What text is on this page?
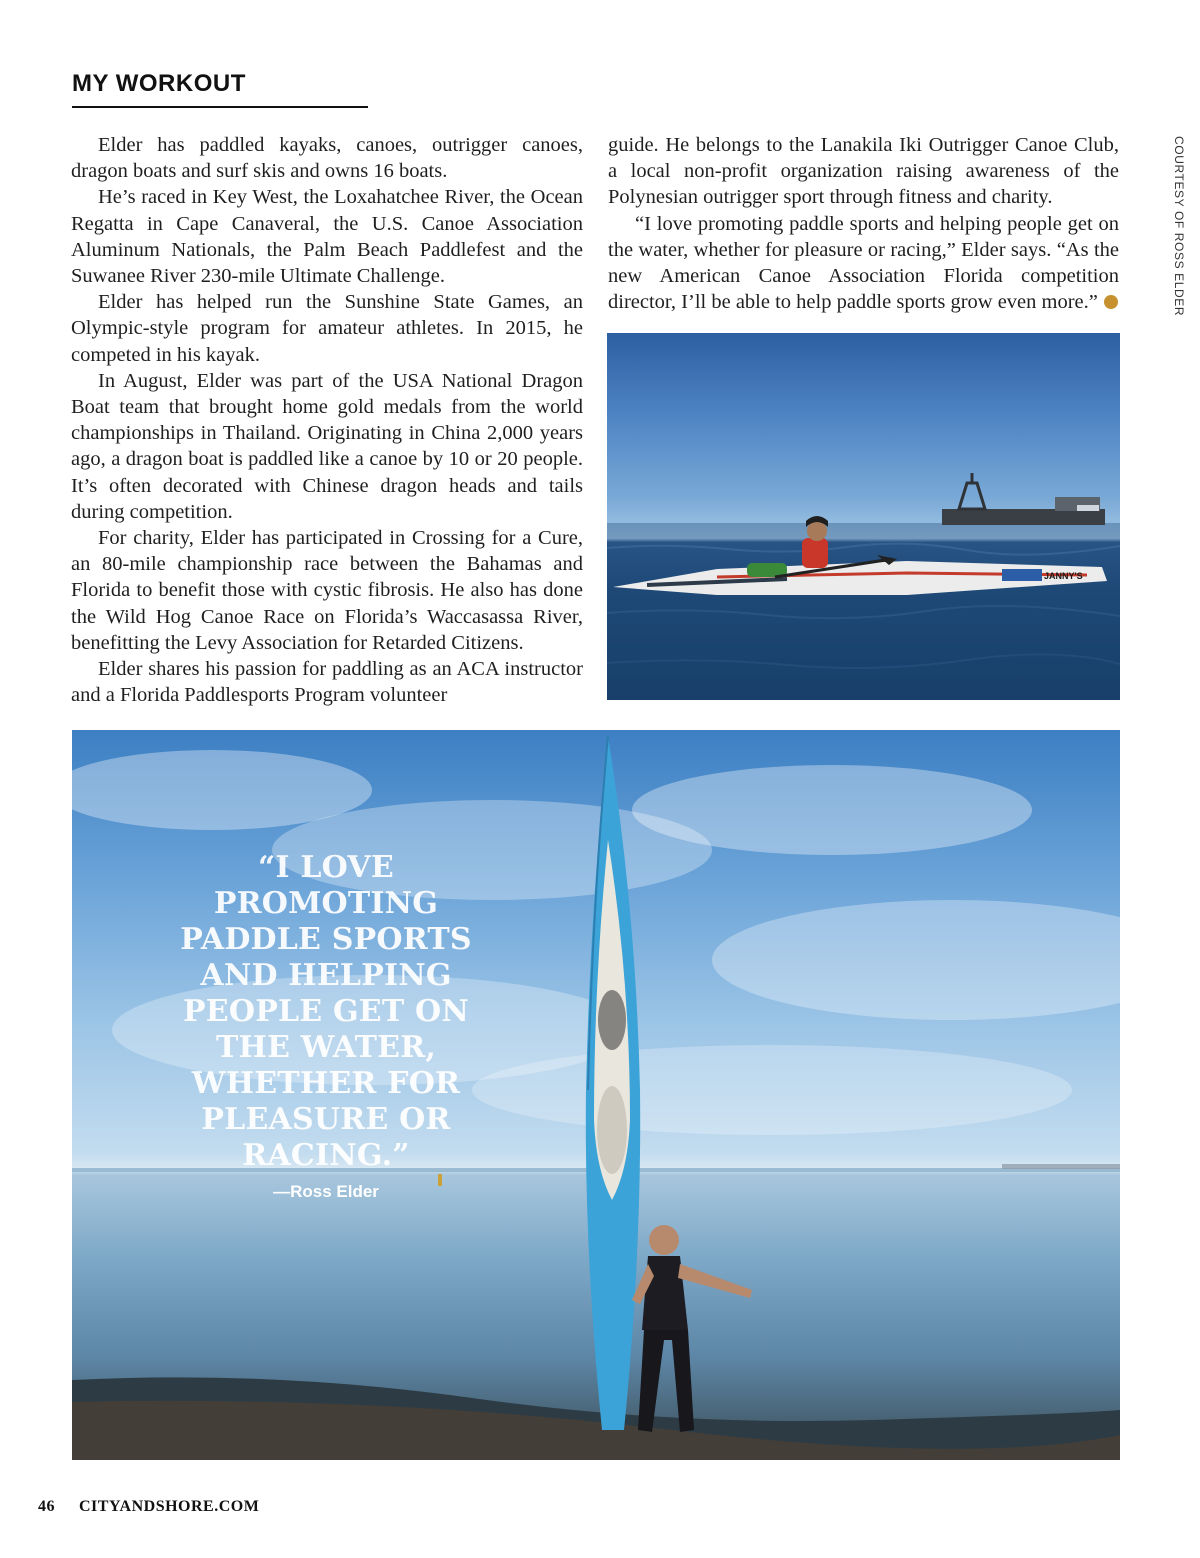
MY WORKOUT

Elder has paddled kayaks, canoes, outrigger canoes, dragon boats and surf skis and owns 16 boats.

He’s raced in Key West, the Loxahatchee River, the Ocean Regatta in Cape Canaveral, the U.S. Canoe Association Aluminum Nationals, the Palm Beach Paddlefest and the Suwanee River 230-mile Ultimate Challenge.

Elder has helped run the Sunshine State Games, an Olympic-style program for amateur athletes. In 2015, he competed in his kayak.

In August, Elder was part of the USA National Dragon Boat team that brought home gold medals from the world championships in Thailand. Originating in China 2,000 years ago, a dragon boat is paddled like a canoe by 10 or 20 people. It’s often decorated with Chinese dragon heads and tails during competition.

For charity, Elder has participated in Crossing for a Cure, an 80-mile championship race between the Bahamas and Florida to benefit those with cystic fibrosis. He also has done the Wild Hog Canoe Race on Florida’s Waccasassa River, benefitting the Levy Association for Retarded Citizens.

Elder shares his passion for paddling as an ACA instructor and a Florida Paddlesports Program volunteer

guide. He belongs to the Lanakila Iki Outrigger Canoe Club, a local non-profit organization raising awareness of the Polynesian outrigger sport through fitness and charity.

“I love promoting paddle sports and helping people get on the water, whether for pleasure or racing,” Elder says. “As the new American Canoe Association Florida competition director, I’ll be able to help paddle sports grow even more.”	COURTESY OF ROSS ELDER
JANNY'S
“I LOVE PROMOTING PADDLE SPORTS AND HELPING PEOPLE GET ON THE WATER, WHETHER FOR PLEASURE OR RACING.”
—Ross Elder
46 CITYANDSHORE.COM
